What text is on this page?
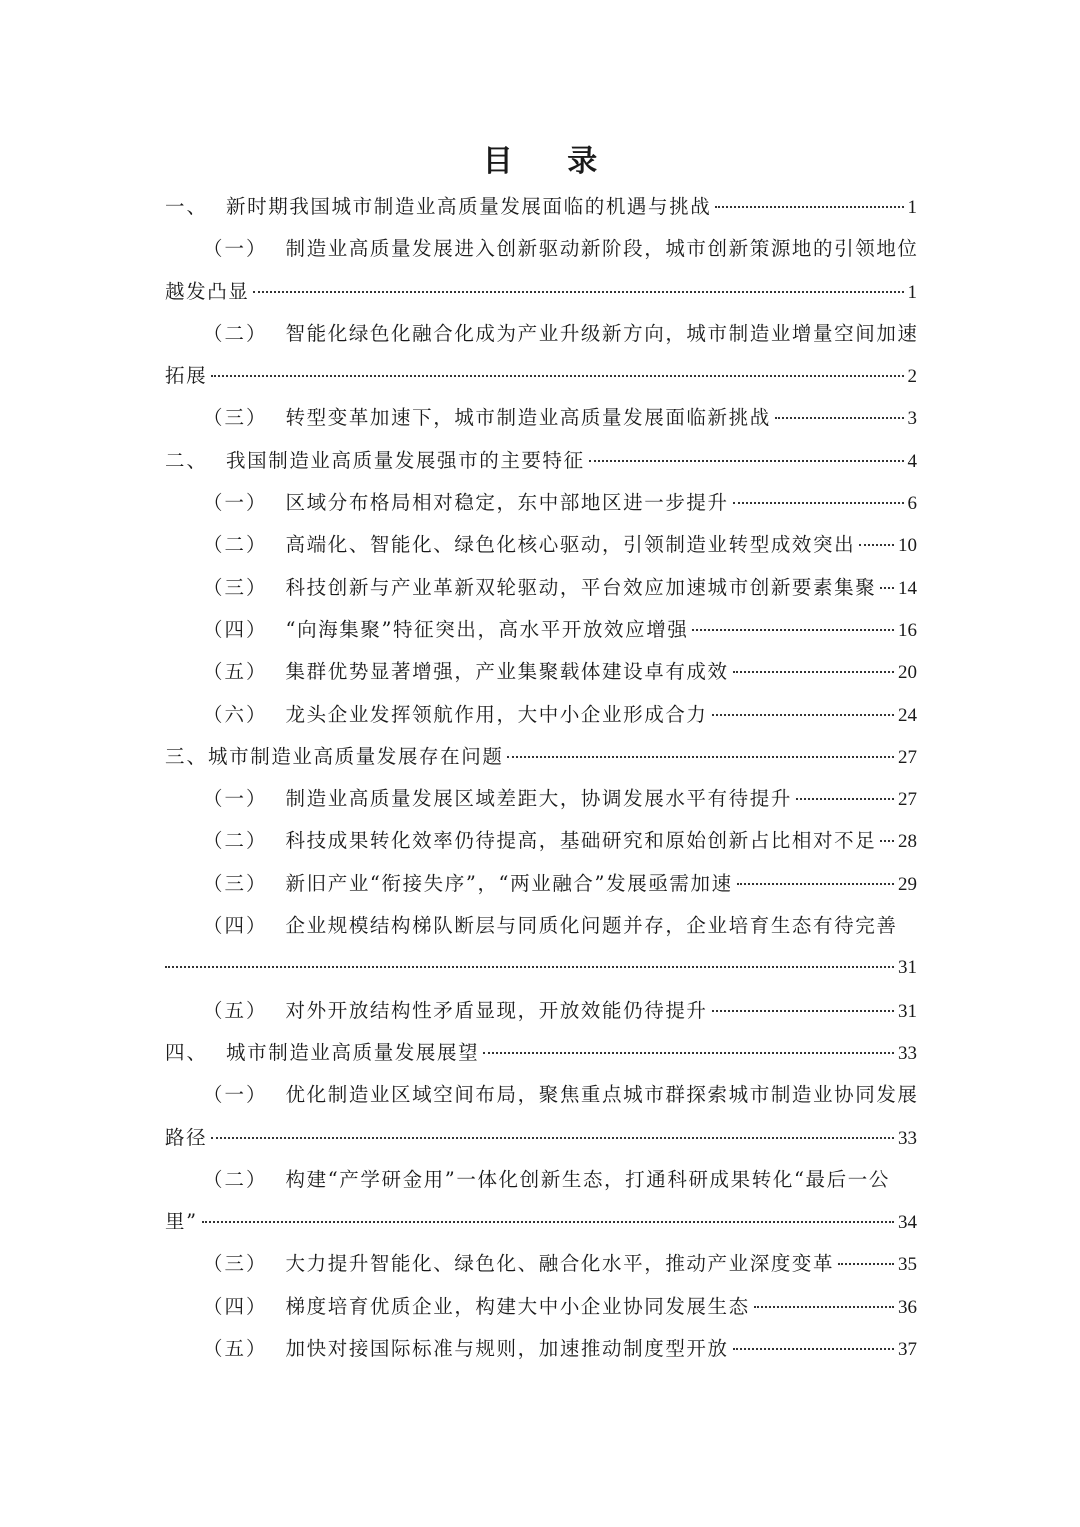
目 录
一、 新时期我国城市制造业高质量发展面临的机遇与挑战	1
（一） 制造业高质量发展进入创新驱动新阶段，城市创新策源地的引领地位
越发凸显	1
（二） 智能化绿色化融合化成为产业升级新方向，城市制造业增量空间加速
拓展	2
（三） 转型变革加速下，城市制造业高质量发展面临新挑战	3
二、 我国制造业高质量发展强市的主要特征	4
（一） 区域分布格局相对稳定，东中部地区进一步提升	6
（二） 高端化、智能化、绿色化核心驱动，引领制造业转型成效突出 10
（三） 科技创新与产业革新双轮驱动，平台效应加速城市创新要素集聚 14
（四） “向海集聚”特征突出，高水平开放效应增强	16
（五） 集群优势显著增强，产业集聚载体建设卓有成效	20
（六） 龙头企业发挥领航作用，大中小企业形成合力	24
三、 城市制造业高质量发展存在问题	27
（一） 制造业高质量发展区域差距大，协调发展水平有待提升	27
（二） 科技成果转化效率仍待提高，基础研究和原始创新占比相对不足 28
（三） 新旧产业“衔接失序”，“两业融合”发展亟需加速	29
（四） 企业规模结构梯队断层与同质化问题并存，企业培育生态有待完善
31
（五） 对外开放结构性矛盾显现，开放效能仍待提升	31
四、 城市制造业高质量发展展望	33
（一） 优化制造业区域空间布局，聚焦重点城市群探索城市制造业协同发展
路径	33
（二） 构建“产学研金用”一体化创新生态，打通科研成果转化“最后一公
里”	34
（三） 大力提升智能化、绿色化、融合化水平，推动产业深度变革	35
（四） 梯度培育优质企业，构建大中小企业协同发展生态	36
（五） 加快对接国际标准与规则，加速推动制度型开放	37
